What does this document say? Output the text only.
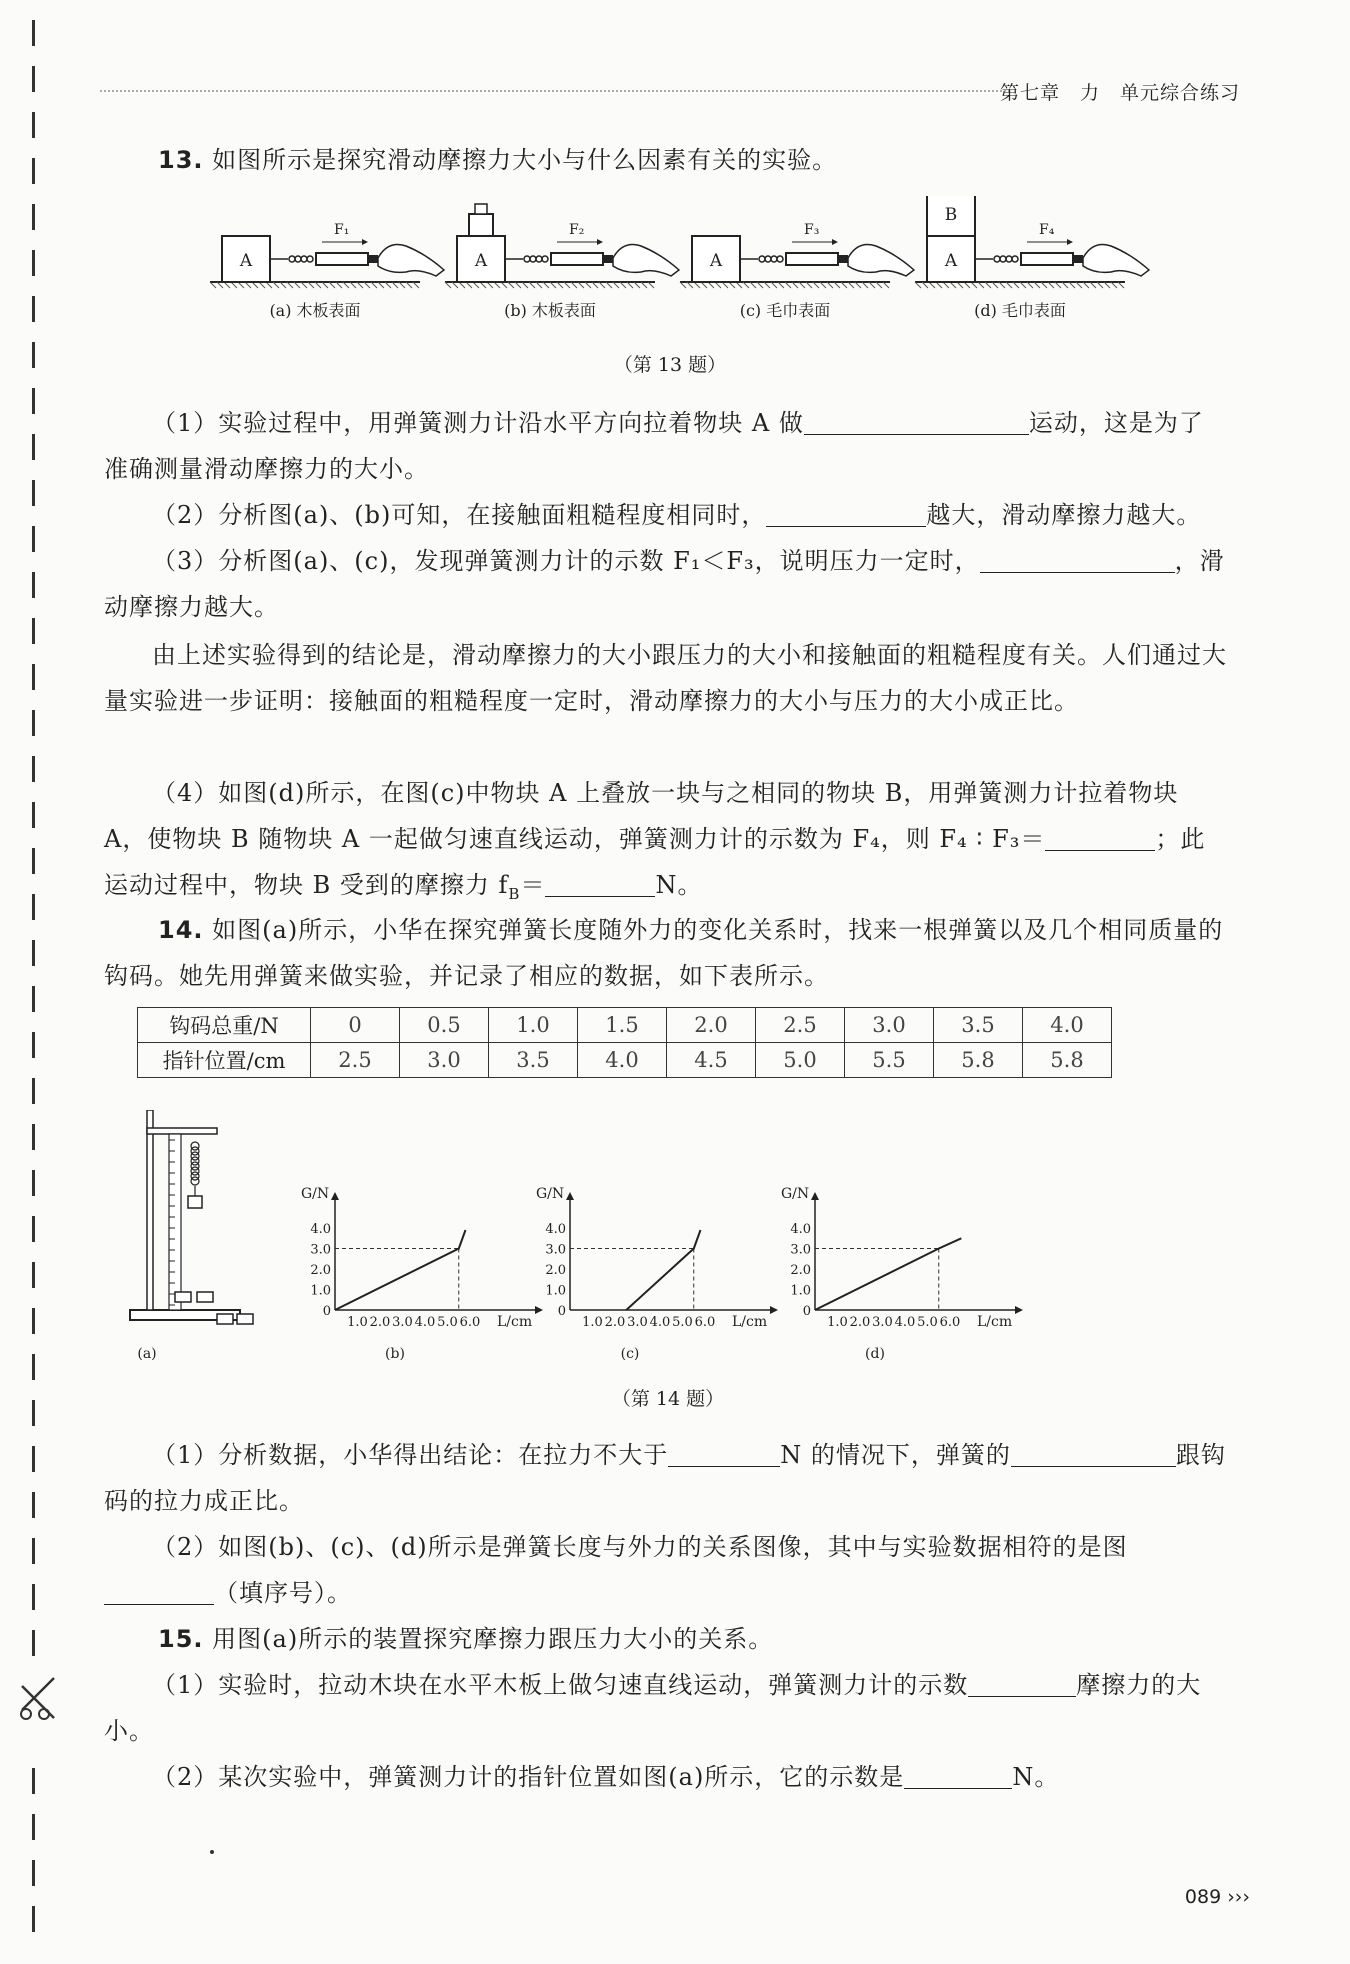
第七章　力　单元综合练习
13. 如图所示是探究滑动摩擦力大小与什么因素有关的实验。
A
F₁
(a) 木板表面
A
F₂
(b) 木板表面
A
F₃
(c) 毛巾表面
A
B
F₄
(d) 毛巾表面
（第 13 题）
（1）实验过程中，用弹簧测力计沿水平方向拉着物块 A 做	运动，这是为了准确测量滑动摩擦力的大小。
（2）分析图(a)、(b)可知，在接触面粗糙程度相同时，	越大，滑动摩擦力越大。
（3）分析图(a)、(c)，发现弹簧测力计的示数 F₁＜F₃，说明压力一定时，	，滑动摩擦力越大。
由上述实验得到的结论是，滑动摩擦力的大小跟压力的大小和接触面的粗糙程度有关。人们通过大量实验进一步证明：接触面的粗糙程度一定时，滑动摩擦力的大小与压力的大小成正比。
（4）如图(d)所示，在图(c)中物块 A 上叠放一块与之相同的物块 B，用弹簧测力计拉着物块 A，使物块 B 随物块 A 一起做匀速直线运动，弹簧测力计的示数为 F₄，则 F₄ ∶ F₃＝	；此运动过程中，物块 B 受到的摩擦力 $f_B=$	N。
14. 如图(a)所示，小华在探究弹簧长度随外力的变化关系时，找来一根弹簧以及几个相同质量的钩码。她先用弹簧来做实验，并记录了相应的数据，如下表所示。
钩码总重/N	0	0.5	1.0	1.5	2.0	2.5	3.0	3.5	4.0
指针位置/cm	2.5	3.0	3.5	4.0	4.5	5.0	5.5	5.8	5.8
(a)
G/N
L/cm
4.0
3.0
2.0
1.0
0
1.0 2.0 3.0 4.0 5.0 6.0
(b)
G/N
L/cm
4.0
3.0
2.0
1.0
0
1.0 2.0 3.0 4.0 5.0 6.0
(c)
G/N
L/cm
4.0
3.0
2.0
1.0
0
1.0 2.0 3.0 4.0 5.0 6.0
(d)
（第 14 题）
（1）分析数据，小华得出结论：在拉力不大于	N 的情况下，弹簧的	跟钩码的拉力成正比。
（2）如图(b)、(c)、(d)所示是弹簧长度与外力的关系图像，其中与实验数据相符的是图（填序号）。
15. 用图(a)所示的装置探究摩擦力跟压力大小的关系。
（1）实验时，拉动木块在水平木板上做匀速直线运动，弹簧测力计的示数	摩擦力的大小。
（2）某次实验中，弹簧测力计的指针位置如图(a)所示，它的示数是	N。
089 ›››
